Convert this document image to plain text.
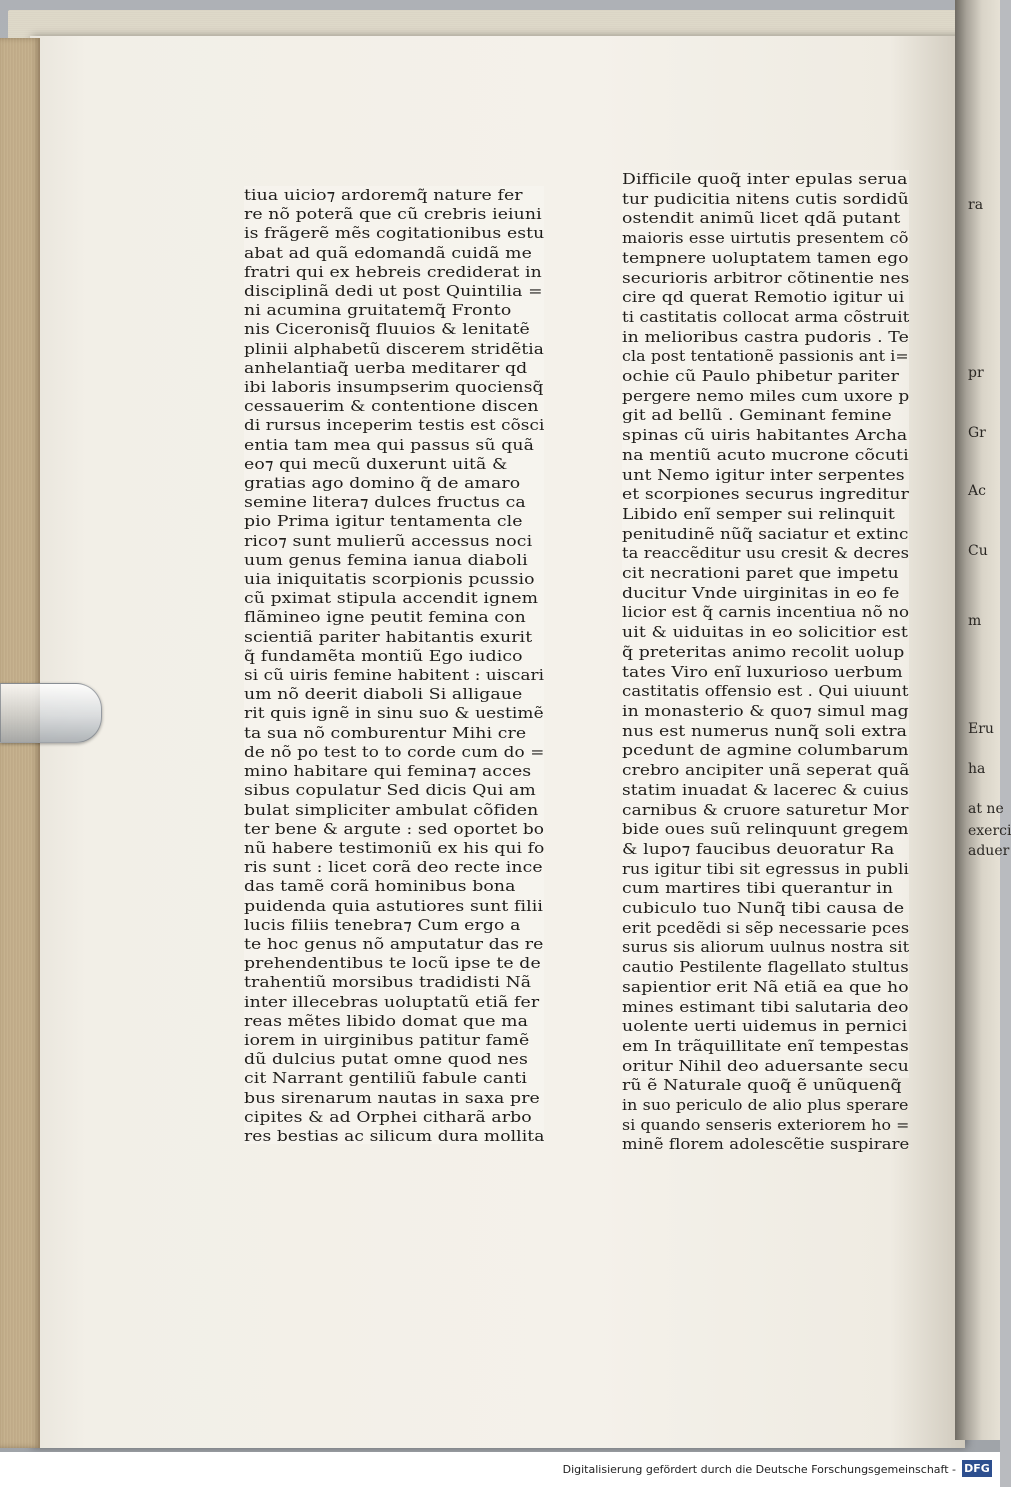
ra
pr
Gr
Ac
Cu
m
Eru
ha
at ne
exerci
aduer
tiua uicio⁊ ardoremq̃ nature fer
re nõ poterã que cũ crebris ieiuni
is frãgerẽ mẽs cogitationibus estu
abat ad quã edomandã cuidã me
fratri qui ex hebreis crediderat in
disciplinã dedi ut post Quintilia =
ni acumina gruitatemq̃ Fronto
nis Ciceronisq̃ fluuios & lenitatẽ
plinii alphabetũ discerem stridẽtia
anhelantiaq̃ uerba meditarer qd
ibi laboris insumpserim quociensq̃
cessauerim & contentione discen
di rursus inceperim testis est cõsci
entia tam mea qui passus sũ quã
eo⁊ qui mecũ duxerunt uitã &
gratias ago domino q̃ de amaro
semine litera⁊ dulces fructus ca
pio Prima igitur tentamenta cle
rico⁊ sunt mulierũ accessus noci
uum genus femina ianua diaboli
uia iniquitatis scorpionis pcussio
cũ pximat stipula accendit ignem
flãmineo igne peutit femina con
scientiã pariter habitantis exurit
q̃ fundamẽta montiũ Ego iudico
si cũ uiris femine habitent : uiscari
um nõ deerit diaboli Si alligaue
rit quis ignẽ in sinu suo & uestimẽ
ta sua nõ comburentur Mihi cre
de nõ po test to to corde cum do =
mino habitare qui femina⁊ acces
sibus copulatur Sed dicis Qui am
bulat simpliciter ambulat cõfiden
ter bene & argute : sed oportet bo
nũ habere testimoniũ ex his qui fo
ris sunt : licet corã deo recte ince
das tamẽ corã hominibus bona
puidenda quia astutiores sunt filii
lucis filiis tenebra⁊ Cum ergo a
te hoc genus nõ amputatur das re
prehendentibus te locũ ipse te de
trahentiũ morsibus tradidisti Nã
inter illecebras uoluptatũ etiã fer
reas mẽtes libido domat que ma
iorem in uirginibus patitur famẽ
dũ dulcius putat omne quod nes
cit Narrant gentiliũ fabule canti
bus sirenarum nautas in saxa pre
cipites & ad Orphei citharã arbo
res bestias ac silicum dura mollita
Difficile quoq̃ inter epulas serua
tur pudicitia nitens cutis sordidũ
ostendit animũ licet qdã putant
maioris esse uirtutis presentem cõ
tempnere uoluptatem tamen ego
securioris arbitror cõtinentie nes
cire qd querat Remotio igitur ui
ti castitatis collocat arma cõstruit
in melioribus castra pudoris . Te
cla post tentationẽ passionis ant i=
ochie cũ Paulo phibetur pariter
pergere nemo miles cum uxore p
git ad bellũ . Geminant femine
spinas cũ uiris habitantes Archa
na mentiũ acuto mucrone cõcuti
unt Nemo igitur inter serpentes
et scorpiones securus ingreditur
Libido enĩ semper sui relinquit
penitudinẽ nũq̃ saciatur et extinc
ta reaccẽditur usu cresit & decres
cit necrationi paret que impetu
ducitur Vnde uirginitas in eo fe
licior est q̃ carnis incentiua nõ no
uit & uiduitas in eo solicitior est
q̃ preteritas animo recolit uolup
tates Viro enĩ luxurioso uerbum
castitatis offensio est . Qui uiuunt
in monasterio & quo⁊ simul mag
nus est numerus nunq̃ soli extra
pcedunt de agmine columbarum
crebro ancipiter unã seperat quã
statim inuadat & lacerec & cuius
carnibus & cruore saturetur Mor
bide oues suũ relinquunt gregem
& lupo⁊ faucibus deuoratur Ra
rus igitur tibi sit egressus in publi
cum martires tibi querantur in
cubiculo tuo Nunq̃ tibi causa de
erit pcedẽdi si sẽp necessarie pces
surus sis aliorum uulnus nostra sit
cautio Pestilente flagellato stultus
sapientior erit Nã etiã ea que ho
mines estimant tibi salutaria deo
uolente uerti uidemus in pernici
em In trãquillitate enĩ tempestas
oritur Nihil deo aduersante secu
rũ ẽ Naturale quoq̃ ẽ unũquenq̃
in suo periculo de alio plus sperare
si quando senseris exteriorem ho =
minẽ florem adolescẽtie suspirare
Digitalisierung gefördert durch die Deutsche Forschungsgemeinschaft - DFG
